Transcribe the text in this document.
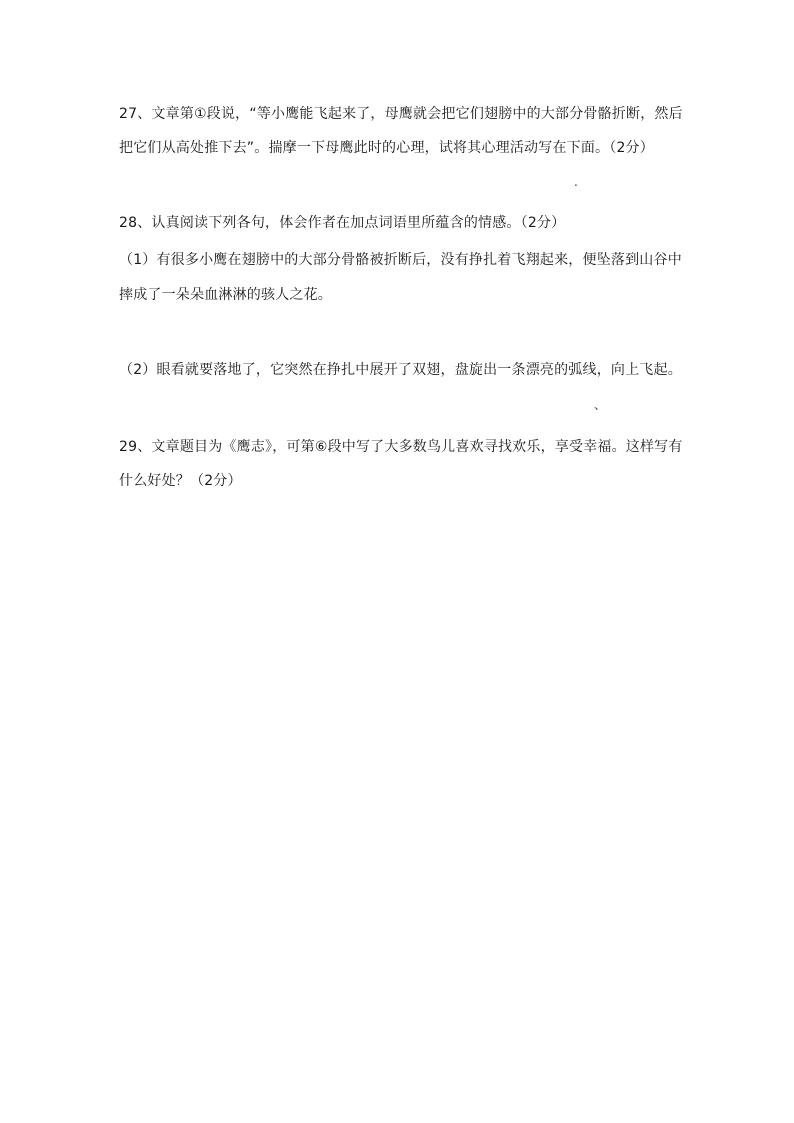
27、文章第①段说，“等小鹰能飞起来了，母鹰就会把它们翅膀中的大部分骨骼折断，然后
把它们从高处推下去”。揣摩一下母鹰此时的心理，试将其心理活动写在下面。（2分）
.
28、认真阅读下列各句，体会作者在加点词语里所蕴含的情感。（2分）
（1）有很多小鹰在翅膀中的大部分骨骼被折断后，没有挣扎着飞翔起来，便坠落到山谷中
摔成了一朵朵血淋淋的骇人之花。
（2）眼看就要落地了，它突然在挣扎中展开了双翅，盘旋出一条漂亮的弧线，向上飞起。
、
29、文章题目为《鹰志》，可第⑥段中写了大多数鸟儿喜欢寻找欢乐，享受幸福。这样写有
什么好处？（2分）
